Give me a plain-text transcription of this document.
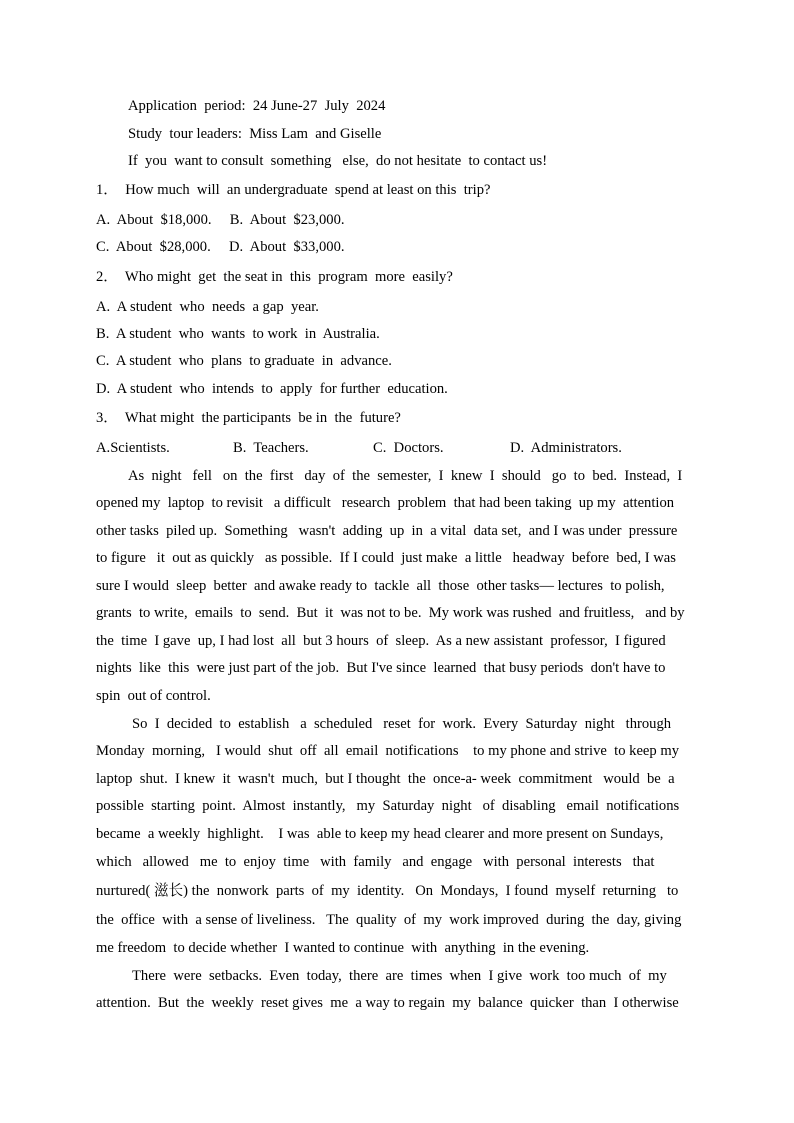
Application  period:  24 June-27  July  2024
Study  tour leaders:  Miss Lam  and Giselle
If  you  want to consult  something   else,  do not hesitate  to contact us!
1．  How much  will  an undergraduate  spend at least on this  trip?
A.  About  $18,000.     B.  About  $23,000.
C.  About  $28,000.     D.  About  $33,000.
2．  Who might  get  the seat in  this  program  more  easily?
A.  A student  who  needs  a gap  year.
B.  A student  who  wants  to work  in  Australia.
C.  A student  who  plans  to graduate  in  advance.
D.  A student  who  intends  to  apply  for further  education.
3．  What might  the participants  be in  the  future?
A.Scientists.	B.  Teachers.	C.  Doctors.	D.  Administrators.
As  night   fell   on  the  first   day  of  the  semester,  I  knew  I  should   go  to  bed.  Instead,  I
opened my  laptop  to revisit   a difficult   research  problem  that had been taking  up my  attention
other tasks  piled up.  Something   wasn't  adding  up  in  a vital  data set,  and I was under  pressure
to figure   it  out as quickly   as possible.  If I could  just make  a little   headway  before  bed, I was
sure I would  sleep  better  and awake ready to  tackle  all  those  other tasks— lectures  to polish,
grants  to write,  emails  to  send.  But  it  was not to be.  My work was rushed  and fruitless,   and by
the  time  I gave  up, I had lost  all  but 3 hours  of  sleep.  As a new assistant  professor,  I figured
nights  like  this  were just part of the job.  But I've since  learned  that busy periods  don't have to
spin  out of control.
So  I  decided  to  establish   a  scheduled   reset  for  work.  Every  Saturday  night   through
Monday  morning,   I would  shut  off  all  email  notifications    to my phone and strive  to keep my
laptop  shut.  I knew  it  wasn't  much,  but I thought  the  once-a- week  commitment   would  be  a
possible  starting  point.  Almost  instantly,   my  Saturday  night   of  disabling   email  notifications
became  a weekly  highlight.    I was  able to keep my head clearer and more present on Sundays,
which   allowed   me  to  enjoy  time   with  family   and  engage   with  personal  interests   that
nurtured( 滋长) the  nonwork  parts  of  my  identity.   On  Mondays,  I found  myself  returning   to
the  office  with  a sense of liveliness.   The  quality  of  my  work improved  during  the  day, giving
me freedom  to decide whether  I wanted to continue  with  anything  in the evening.
There  were  setbacks.  Even  today,  there  are  times  when  I give  work  too much  of  my
attention.  But  the  weekly  reset gives  me  a way to regain  my  balance  quicker  than  I otherwise
